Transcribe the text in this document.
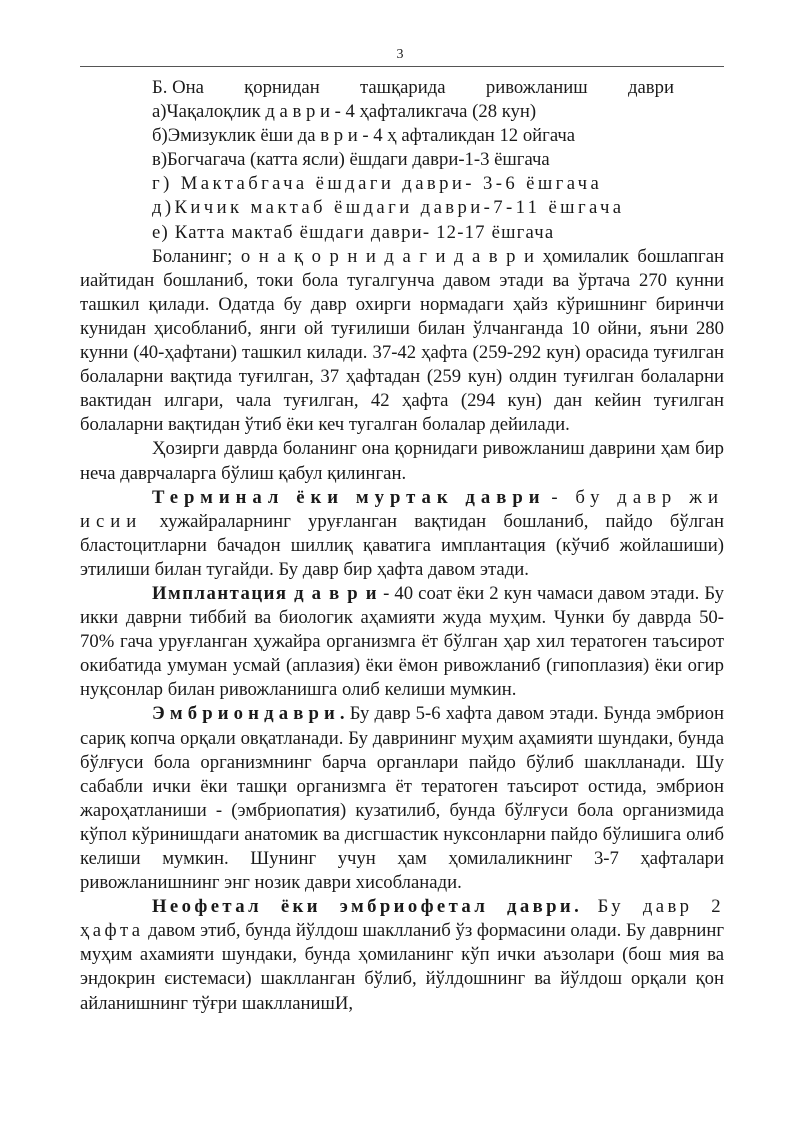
3
Б. Она қорнидан ташқарида ривожланиш даври

а)Чақалоқлик д а в р и - 4 ҳафталикгача (28 кун)

б)Эмизуклик ёши да в р и - 4 ҳ афталикдан 12 ойгача

в)Богчагача (катта ясли) ёшдаги даври-1-3 ёшгача

г) Мактабгача ёшдаги даври- 3-6 ёшгача

д)Кичик мактаб ёшдаги даври-7-11 ёшгача

е) Катта мактаб ёшдаги даври- 12-17 ёшгача

Боланинг; о н а қ о р н и д а г и д а в р и ҳомилалик бошлапган иайтидан бошланиб, токи бола тугалгунча давом этади ва ўртача 270 кунни ташкил қилади. Одатда бу давр охирги нормадаги ҳайз кўришнинг биринчи кунидан ҳисобланиб, янги ой туғилиши билан ўлчанганда 10 ойни, яъни 280 кунни (40-ҳафтани) ташкил килади. 37-42 ҳафта (259-292 кун) орасида туғилган болаларни вақтида туғилган, 37 ҳафтадан (259 кун) олдин туғилган болаларни вактидан илгари, чала туғилган, 42 ҳафта (294 кун) дан кейин туғилган болаларни вақтидан ўтиб ёки кеч тугалган болалар дейилади.

Ҳозирги даврда боланинг она қорнидаги ривожланиш даврини ҳам бир неча даврчаларга бўлиш қабул қилинган.

Терминал ёки муртак даври - бу давр жи исии хужайраларнинг уруғланган вақтидан бошланиб, пайдо бўлган бластоцитларни бачадон шиллиқ қаватига имплантация (кўчиб жойлашиши) этилиши билан тугайди. Бу давр бир ҳафта давом этади.

Имплантация д а в р и - 40 соат ёки 2 кун чамаси давом этади. Бу икки даврни тиббий ва биологик аҳамияти жуда муҳим. Чунки бу даврда 50-70% гача уруғланган ҳужайра организмга ёт бўлган ҳар хил тератоген таъсирот окибатида умуман усмай (аплазия) ёки ёмон ривожланиб (гипоплазия) ёки огир нуқсонлар билан ривожланишга олиб келиши мумкин.

Э м б р и о н д а в р и . Бу давр 5-6 хафта давом этади. Бунда эмбрион сариқ копча орқали овқатланади. Бу даврининг муҳим аҳамияти шундаки, бунда бўлғуси бола организмнинг барча органлари пайдо бўлиб шаклланади. Шу сабабли ички ёки ташқи организмга ёт тератоген таъсирот остида, эмбрион жароҳатланиши - (эмбриопатия) кузатилиб, бунда бўлғуси бола организмида кўпол кўринишдаги анатомик ва дисгшастик нуксонларни пайдо бўлишига олиб келиши мумкин. Шунинг учун ҳам ҳомилаликнинг 3-7 ҳафталари ривожланишнинг энг нозик даври хисобланади.

Неофетал ёки эмбриофетал даври. Бу давр 2 ҳафта давом этиб, бунда йўлдош шаклланиб ўз формасини олади. Бу даврнинг муҳим ахамияти шундаки, бунда ҳомиланинг кўп ички аъзолари (бош мия ва эндокрин єистемаси) шаклланган бўлиб, йўлдошнинг ва йўлдош орқали қон айланишнинг тўғри шаклланишИ,
